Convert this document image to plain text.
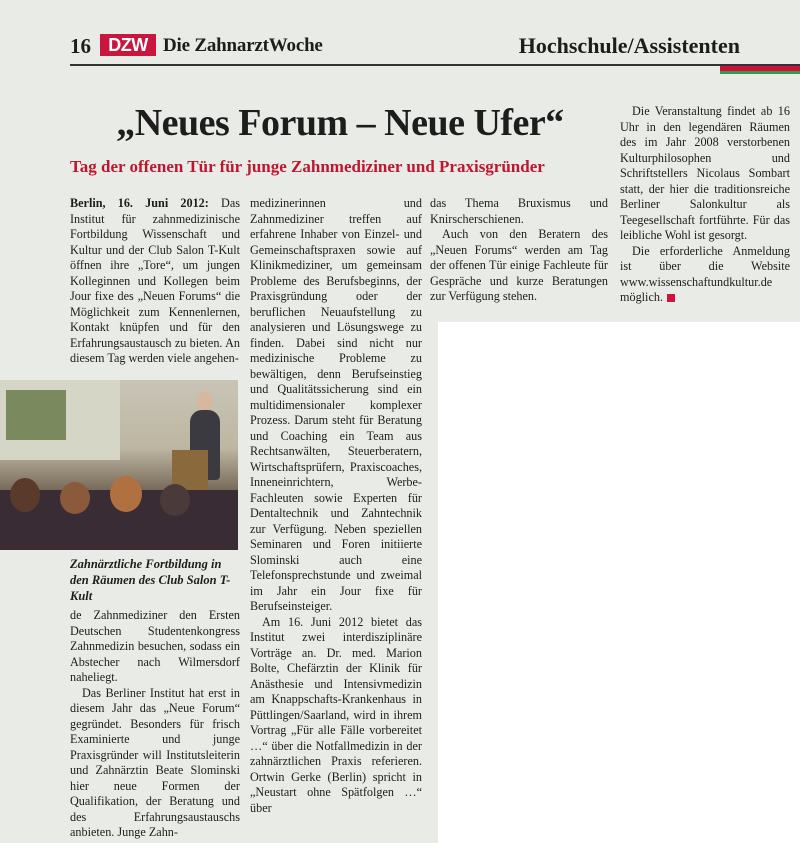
16 DZW Die ZahnarztWoche	Hochschule/Assistenten
„Neues Forum – Neue Ufer“
Tag der offenen Tür für junge Zahnmediziner und Praxisgründer

Berlin, 16. Juni 2012: Das Institut für zahnmedizinische Fortbildung Wissenschaft und Kultur und der Club Salon T-Kult öffnen ihre „Tore“, um jungen Kolleginnen und Kollegen beim Jour fixe des „Neuen Forums“ die Möglichkeit zum Kennenlernen, Kontakt knüpfen und für den Erfahrungsaustausch zu bieten. An diesem Tag werden viele angehen-

Zahnärztliche Fortbildung in den Räumen des Club Salon T-Kult

de Zahnmediziner den Ersten Deutschen Studentenkongress Zahnmedizin besuchen, sodass ein Abstecher nach Wilmersdorf naheliegt.

Das Berliner Institut hat erst in diesem Jahr das „Neue Forum“ gegründet. Besonders für frisch Examinierte und junge Praxisgründer will Institutsleiterin und Zahnärztin Beate Slominski hier neue Formen der Qualifikation, der Beratung und des Erfahrungsaustauschs anbieten. Junge Zahn-

medizinerinnen und Zahnmediziner treffen auf erfahrene Inhaber von Einzel- und Gemeinschaftspraxen sowie auf Klinikmediziner, um gemeinsam Probleme des Berufsbeginns, der Praxisgründung oder der beruflichen Neuaufstellung zu analysieren und Lösungswege zu finden. Dabei sind nicht nur medizinische Probleme zu bewältigen, denn Berufseinstieg und Qualitätssicherung sind ein multidimensionaler komplexer Prozess. Darum steht für Beratung und Coaching ein Team aus Rechtsanwälten, Steuerberatern, Wirtschaftsprüfern, Praxiscoaches, Inneneinrichtern, Werbe-Fachleuten sowie Experten für Dentaltechnik und Zahntechnik zur Verfügung. Neben speziellen Seminaren und Foren initiierte Slominski auch eine Telefonsprechstunde und zweimal im Jahr ein Jour fixe für Berufseinsteiger.

Am 16. Juni 2012 bietet das Institut zwei interdisziplinäre Vorträge an. Dr. med. Marion Bolte, Chefärztin der Klinik für Anästhesie und Intensivmedizin am Knappschafts-Krankenhaus in Püttlingen/Saarland, wird in ihrem Vortrag „Für alle Fälle vorbereitet …“ über die Notfallmedizin in der zahnärztlichen Praxis referieren. Ortwin Gerke (Berlin) spricht in „Neustart ohne Spätfolgen …“ über

das Thema Bruxismus und Knirscherschienen.

Auch von den Beratern des „Neuen Forums“ werden am Tag der offenen Tür einige Fachleute für Gespräche und kurze Beratungen zur Verfügung stehen.

Die Veranstaltung findet ab 16 Uhr in den legendären Räumen des im Jahr 2008 verstorbenen Kulturphilosophen und Schriftstellers Nicolaus Sombart statt, der hier die traditionsreiche Berliner Salonkultur als Teegesellschaft fortführte. Für das leibliche Wohl ist gesorgt.

Die erforderliche Anmeldung ist über die Website www.wissenschaftundkultur.de möglich.
